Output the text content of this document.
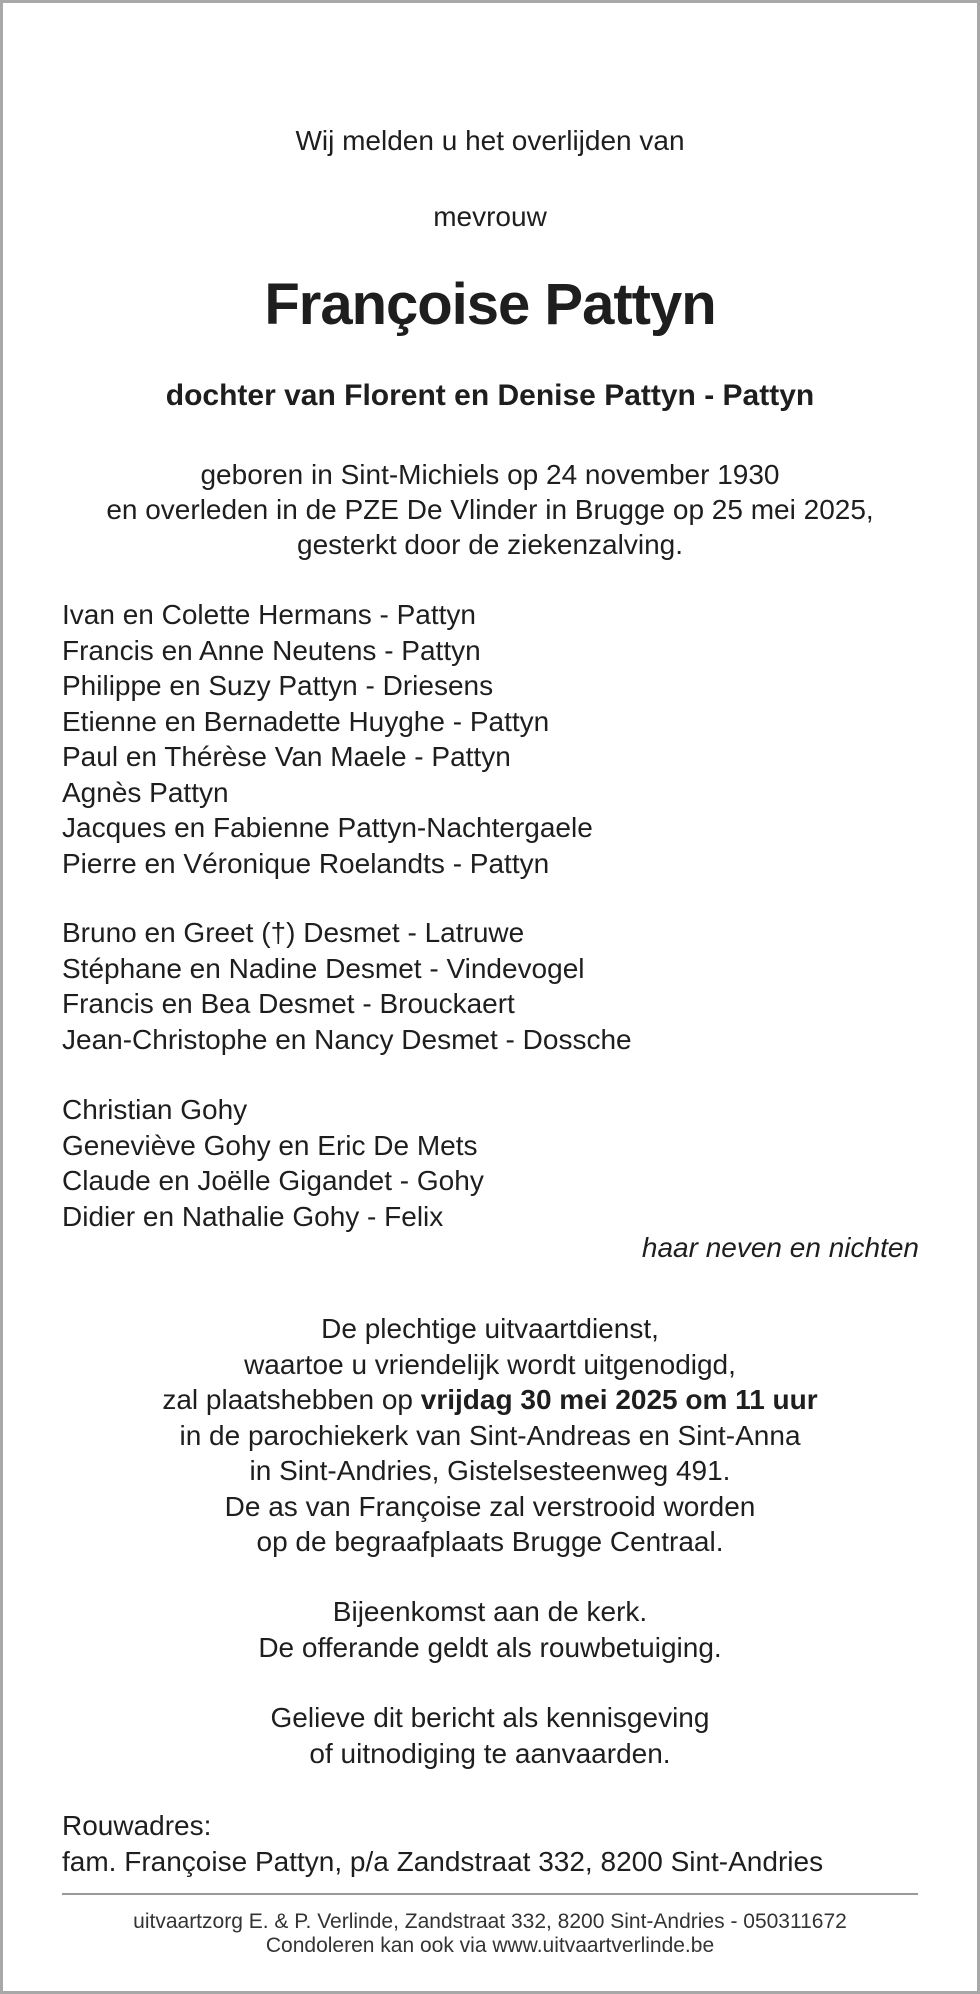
Wij melden u het overlijden van
mevrouw
Françoise Pattyn
dochter van Florent en Denise Pattyn - Pattyn
geboren in Sint-Michiels op 24 november 1930
en overleden in de PZE De Vlinder in Brugge op 25 mei 2025,
gesterkt door de ziekenzalving.
Ivan en Colette Hermans - Pattyn
Francis en Anne Neutens - Pattyn
Philippe en Suzy Pattyn - Driesens
Etienne en Bernadette Huyghe - Pattyn
Paul en Thérèse Van Maele - Pattyn
Agnès Pattyn
Jacques en Fabienne Pattyn-Nachtergaele
Pierre en Véronique Roelandts - Pattyn
Bruno en Greet (†) Desmet - Latruwe
Stéphane en Nadine Desmet - Vindevogel
Francis en Bea Desmet - Brouckaert
Jean-Christophe en Nancy Desmet - Dossche
Christian Gohy
Geneviève Gohy en Eric De Mets
Claude en Joëlle Gigandet - Gohy
Didier en Nathalie Gohy - Felix
haar neven en nichten
De plechtige uitvaartdienst,
waartoe u vriendelijk wordt uitgenodigd,
zal plaatshebben op vrijdag 30 mei 2025 om 11 uur
in de parochiekerk van Sint-Andreas en Sint-Anna
in Sint-Andries, Gistelsesteenweg 491.
De as van Françoise zal verstrooid worden
op de begraafplaats Brugge Centraal.
Bijeenkomst aan de kerk.
De offerande geldt als rouwbetuiging.
Gelieve dit bericht als kennisgeving
of uitnodiging te aanvaarden.
Rouwadres:
fam. Françoise Pattyn, p/a Zandstraat 332, 8200 Sint-Andries
uitvaartzorg E. & P. Verlinde, Zandstraat 332, 8200 Sint-Andries - 050311672
Condoleren kan ook via www.uitvaartverlinde.be
